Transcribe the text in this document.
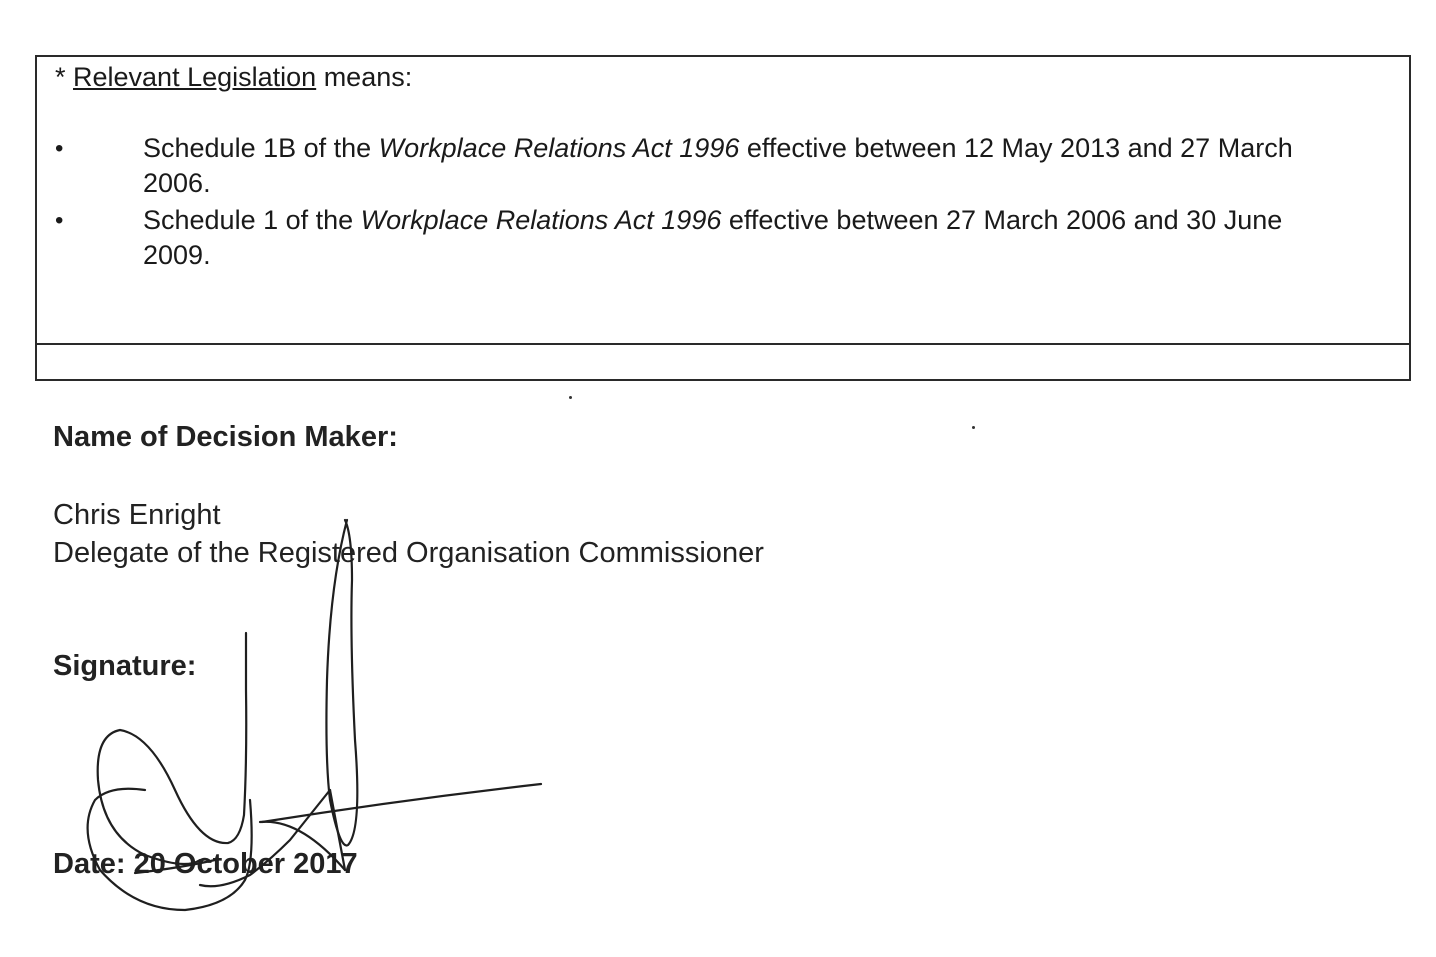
* Relevant Legislation means:
•	Schedule 1B of the Workplace Relations Act 1996 effective between 12 May 2013 and 27 March 2006.
•	Schedule 1 of the Workplace Relations Act 1996 effective between 27 March 2006 and 30 June 2009.
Name of Decision Maker:
Chris Enright
Delegate of the Registered Organisation Commissioner
Signature:
Date: 20 October 2017
